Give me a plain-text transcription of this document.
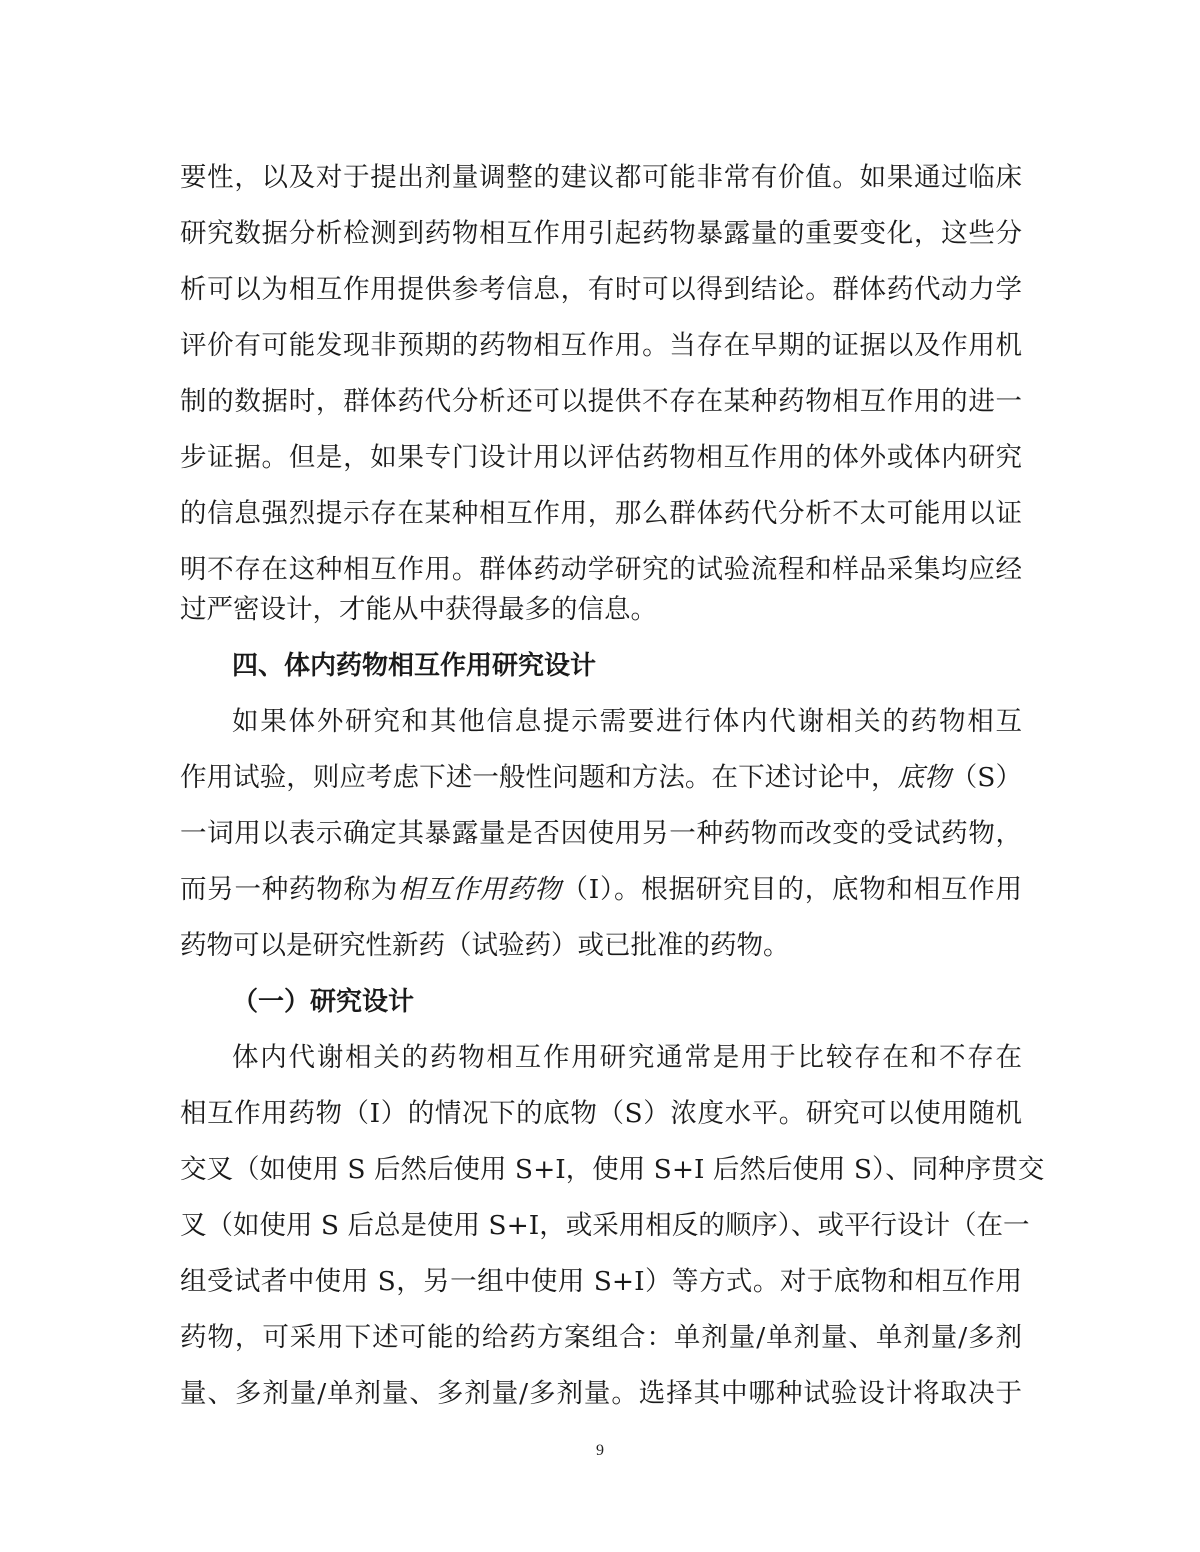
要性，以及对于提出剂量调整的建议都可能非常有价值。如果通过临床
研究数据分析检测到药物相互作用引起药物暴露量的重要变化，这些分
析可以为相互作用提供参考信息，有时可以得到结论。群体药代动力学
评价有可能发现非预期的药物相互作用。当存在早期的证据以及作用机
制的数据时，群体药代分析还可以提供不存在某种药物相互作用的进一
步证据。但是，如果专门设计用以评估药物相互作用的体外或体内研究
的信息强烈提示存在某种相互作用，那么群体药代分析不太可能用以证
明不存在这种相互作用。群体药动学研究的试验流程和样品采集均应经
过严密设计，才能从中获得最多的信息。
四、体内药物相互作用研究设计
如果体外研究和其他信息提示需要进行体内代谢相关的药物相互
作用试验，则应考虑下述一般性问题和方法。在下述讨论中，底物（S）
一词用以表示确定其暴露量是否因使用另一种药物而改变的受试药物，
而另一种药物称为相互作用药物（I）。根据研究目的，底物和相互作用
药物可以是研究性新药（试验药）或已批准的药物。
（一）研究设计
体内代谢相关的药物相互作用研究通常是用于比较存在和不存在
相互作用药物（I）的情况下的底物（S）浓度水平。研究可以使用随机
交叉（如使用 S 后然后使用 S+I，使用 S+I 后然后使用 S）、同种序贯交
叉（如使用 S 后总是使用 S+I，或采用相反的顺序）、或平行设计（在一
组受试者中使用 S，另一组中使用 S+I）等方式。对于底物和相互作用
药物，可采用下述可能的给药方案组合：单剂量/单剂量、单剂量/多剂
量、多剂量/单剂量、多剂量/多剂量。选择其中哪种试验设计将取决于
9
